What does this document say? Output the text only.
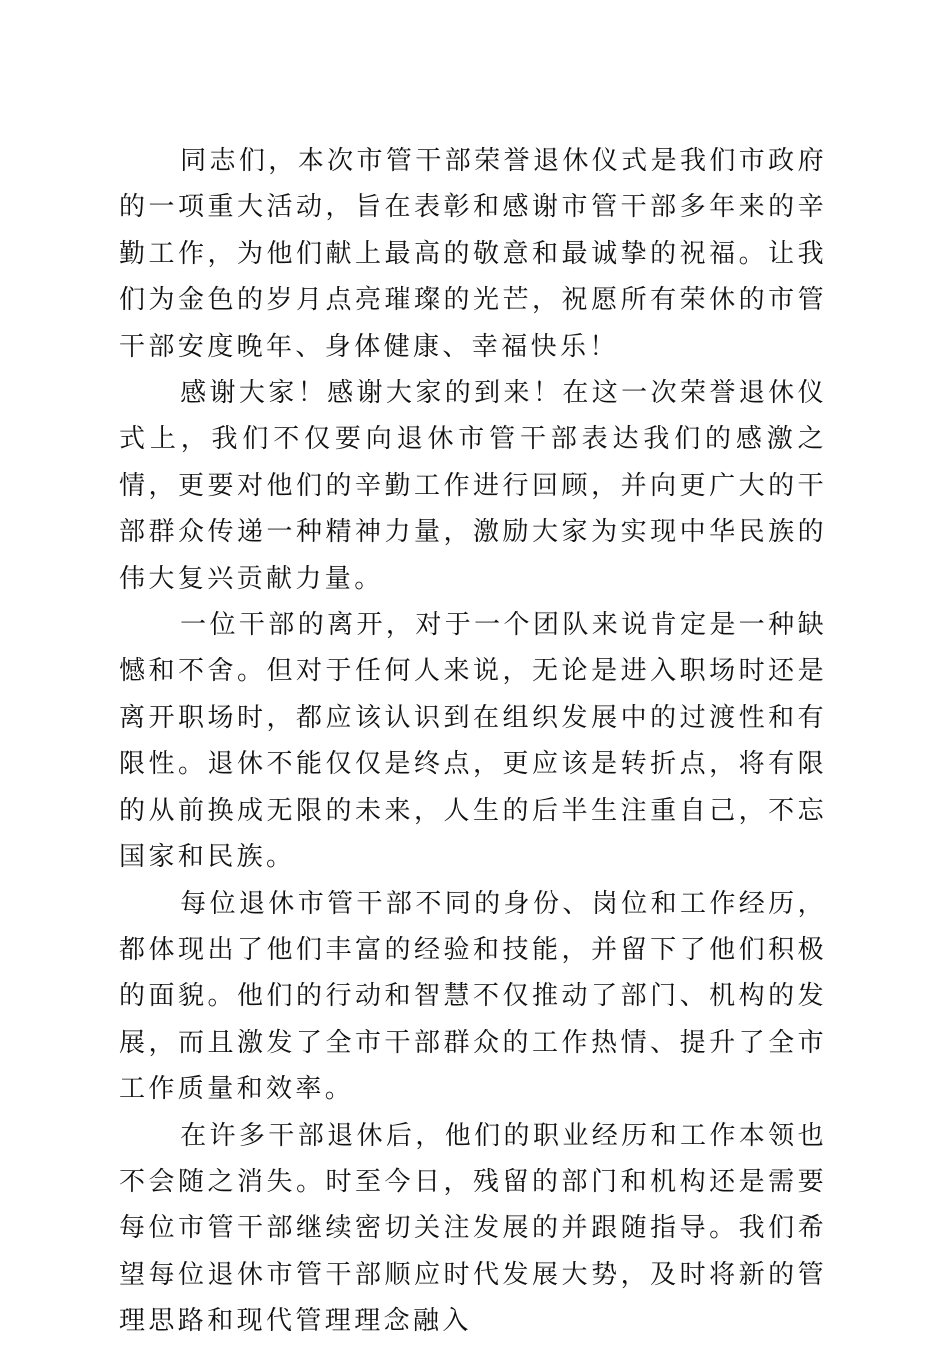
同志们，本次市管干部荣誉退休仪式是我们市政府的一项重大活动，旨在表彰和感谢市管干部多年来的辛勤工作，为他们献上最高的敬意和最诚挚的祝福。让我们为金色的岁月点亮璀璨的光芒，祝愿所有荣休的市管干部安度晚年、身体健康、幸福快乐！

感谢大家！感谢大家的到来！在这一次荣誉退休仪式上，我们不仅要向退休市管干部表达我们的感激之情，更要对他们的辛勤工作进行回顾，并向更广大的干部群众传递一种精神力量，激励大家为实现中华民族的伟大复兴贡献力量。

一位干部的离开，对于一个团队来说肯定是一种缺憾和不舍。但对于任何人来说，无论是进入职场时还是离开职场时，都应该认识到在组织发展中的过渡性和有限性。退休不能仅仅是终点，更应该是转折点，将有限的从前换成无限的未来，人生的后半生注重自己，不忘国家和民族。

每位退休市管干部不同的身份、岗位和工作经历，都体现出了他们丰富的经验和技能，并留下了他们积极的面貌。他们的行动和智慧不仅推动了部门、机构的发展，而且激发了全市干部群众的工作热情、提升了全市工作质量和效率。

在许多干部退休后，他们的职业经历和工作本领也不会随之消失。时至今日，残留的部门和机构还是需要每位市管干部继续密切关注发展的并跟随指导。我们希望每位退休市管干部顺应时代发展大势，及时将新的管理思路和现代管理理念融入
